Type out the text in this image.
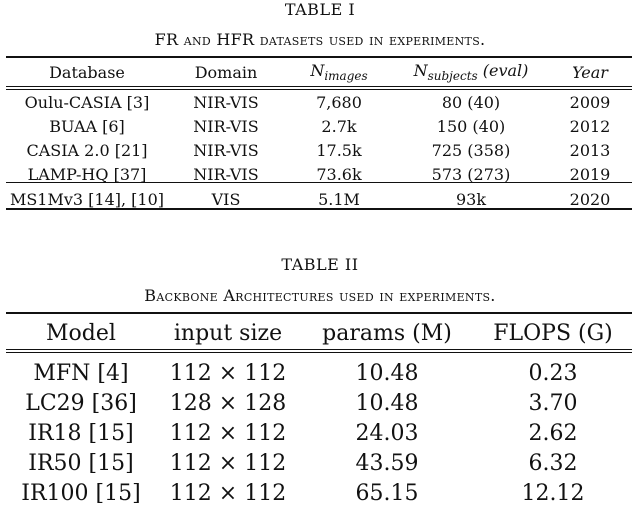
TABLE I
FR and HFR datasets used in experiments.
Database	Domain	$N_{images}$	$N_{subjects}$ (eval)	Year
Oulu-CASIA [3]	NIR-VIS	7,680	80 (40)	2009
BUAA [6]	NIR-VIS	2.7k	150 (40)	2012
CASIA 2.0 [21]	NIR-VIS	17.5k	725 (358)	2013
LAMP-HQ [37]	NIR-VIS	73.6k	573 (273)	2019
MS1Mv3 [14], [10]	VIS	5.1M	93k	2020
TABLE II
Backbone Architectures used in experiments.
Model	input size	params (M)	FLOPS (G)
MFN [4]	112 × 112	10.48	0.23
LC29 [36]	128 × 128	10.48	3.70
IR18 [15]	112 × 112	24.03	2.62
IR50 [15]	112 × 112	43.59	6.32
IR100 [15]	112 × 112	65.15	12.12
